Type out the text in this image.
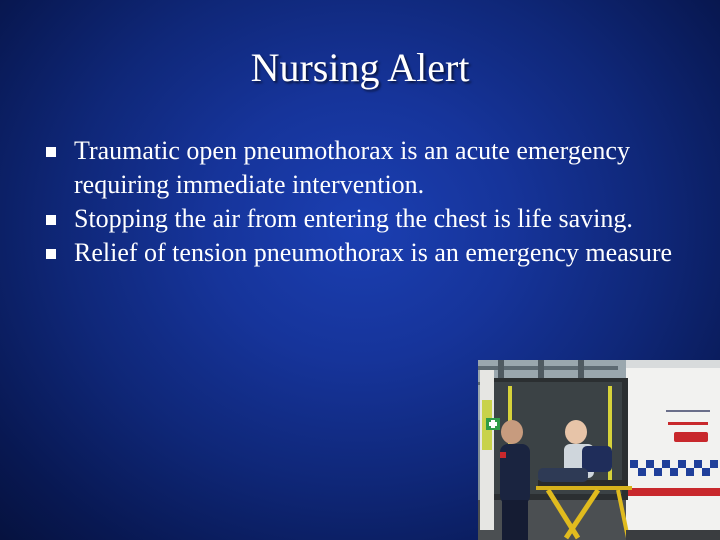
Nursing Alert
Traumatic open pneumothorax is an acute emergency requiring immediate intervention.
Stopping the air from entering the chest is life saving.
Relief of tension pneumothorax is an emergency measure
